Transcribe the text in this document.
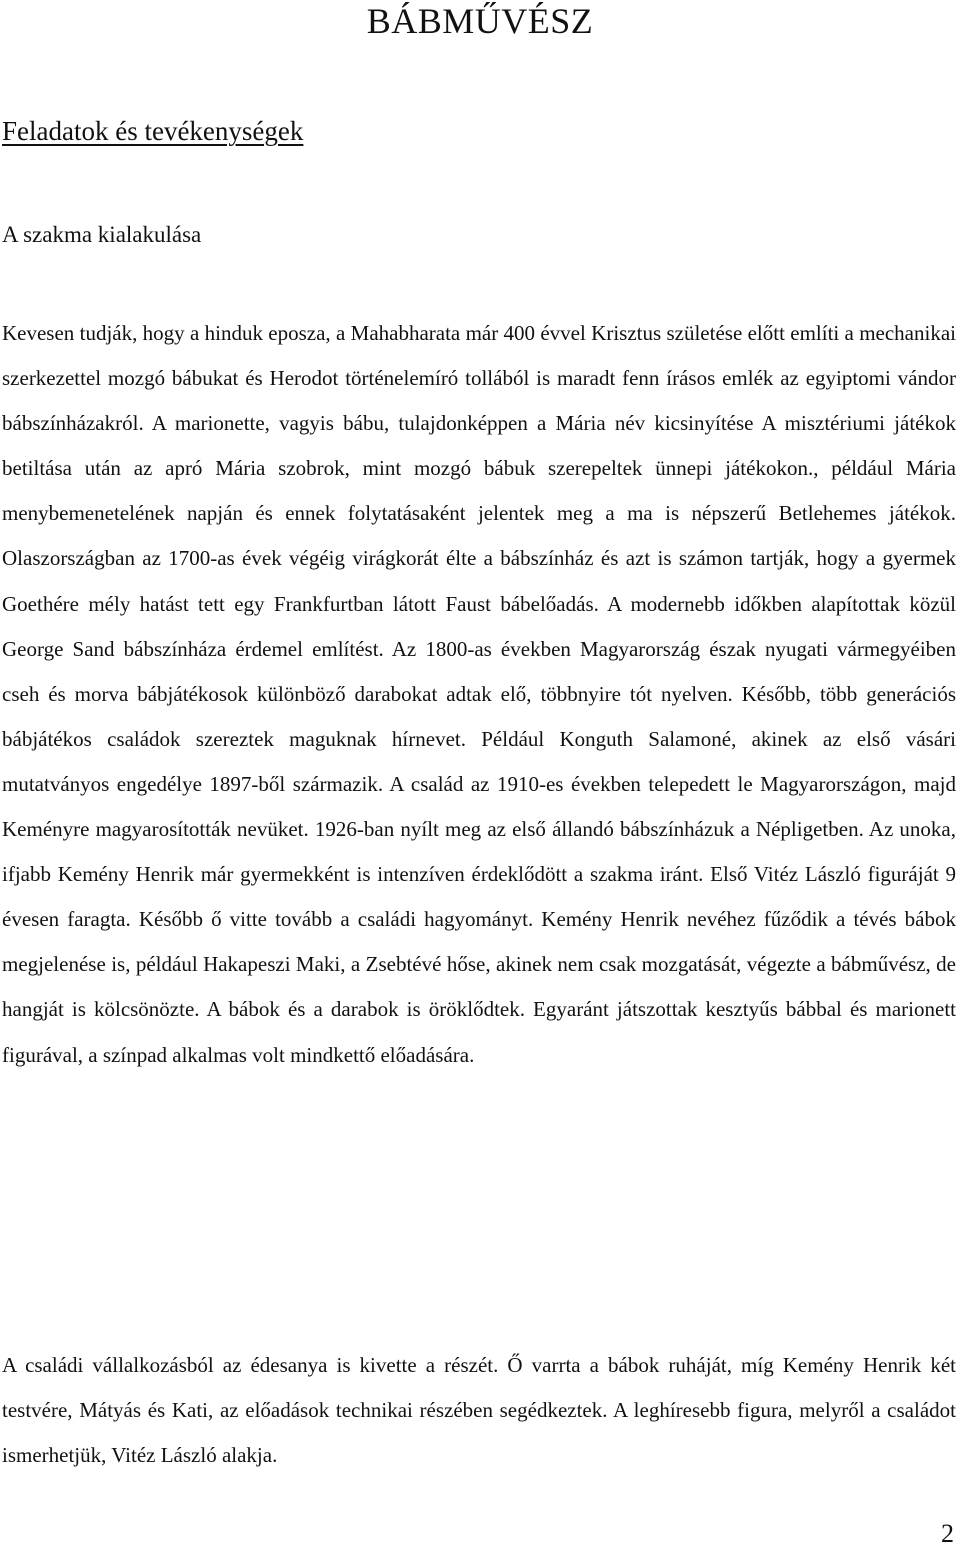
BÁBMŰVÉSZ
Feladatok és tevékenységek
A szakma kialakulása

Kevesen tudják, hogy a hinduk eposza, a Mahabharata már 400 évvel Krisztus születése előtt említi a mechanikai szerkezettel mozgó bábukat és Herodot történelemíró tollából is maradt fenn írásos emlék az egyiptomi vándor bábszínházakról. A marionette, vagyis bábu, tulajdonképpen a Mária név kicsinyítése A misztériumi játékok betiltása után az apró Mária szobrok, mint mozgó bábuk szerepeltek ünnepi játékokon., például Mária menybemenetelének napján és ennek folytatásaként jelentek meg a ma is népszerű Betlehemes játékok. Olaszországban az 1700-as évek végéig virágkorát élte a bábszínház és azt is számon tartják, hogy a gyermek Goethére mély hatást tett egy Frankfurtban látott Faust bábelőadás. A modernebb időkben alapítottak közül George Sand bábszínháza érdemel említést. Az 1800-as években Magyarország észak nyugati vármegyéiben cseh és morva bábjátékosok különböző darabokat adtak elő, többnyire tót nyelven. Később, több generációs bábjátékos családok szereztek maguknak hírnevet. Például Konguth Salamoné, akinek az első vásári mutatványos engedélye 1897-ből származik. A család az 1910-es években telepedett le Magyarországon, majd Keményre magyarosították nevüket. 1926-ban nyílt meg az első állandó bábszínházuk a Népligetben. Az unoka, ifjabb Kemény Henrik már gyermekként is intenzíven érdeklődött a szakma iránt. Első Vitéz László figuráját 9 évesen faragta. Később ő vitte tovább a családi hagyományt. Kemény Henrik nevéhez fűződik a tévés bábok megjelenése is, például Hakapeszi Maki, a Zsebtévé hőse, akinek nem csak mozgatását, végezte a bábművész, de hangját is kölcsönözte. A bábok és a darabok is öröklődtek. Egyaránt játszottak kesztyűs bábbal és marionett figurával, a színpad alkalmas volt mindkettő előadására.

A családi vállalkozásból az édesanya is kivette a részét. Ő varrta a bábok ruháját, míg Kemény Henrik két testvére, Mátyás és Kati, az előadások technikai részében segédkeztek. A leghíresebb figura, melyről a családot ismerhetjük, Vitéz László alakja.

2
